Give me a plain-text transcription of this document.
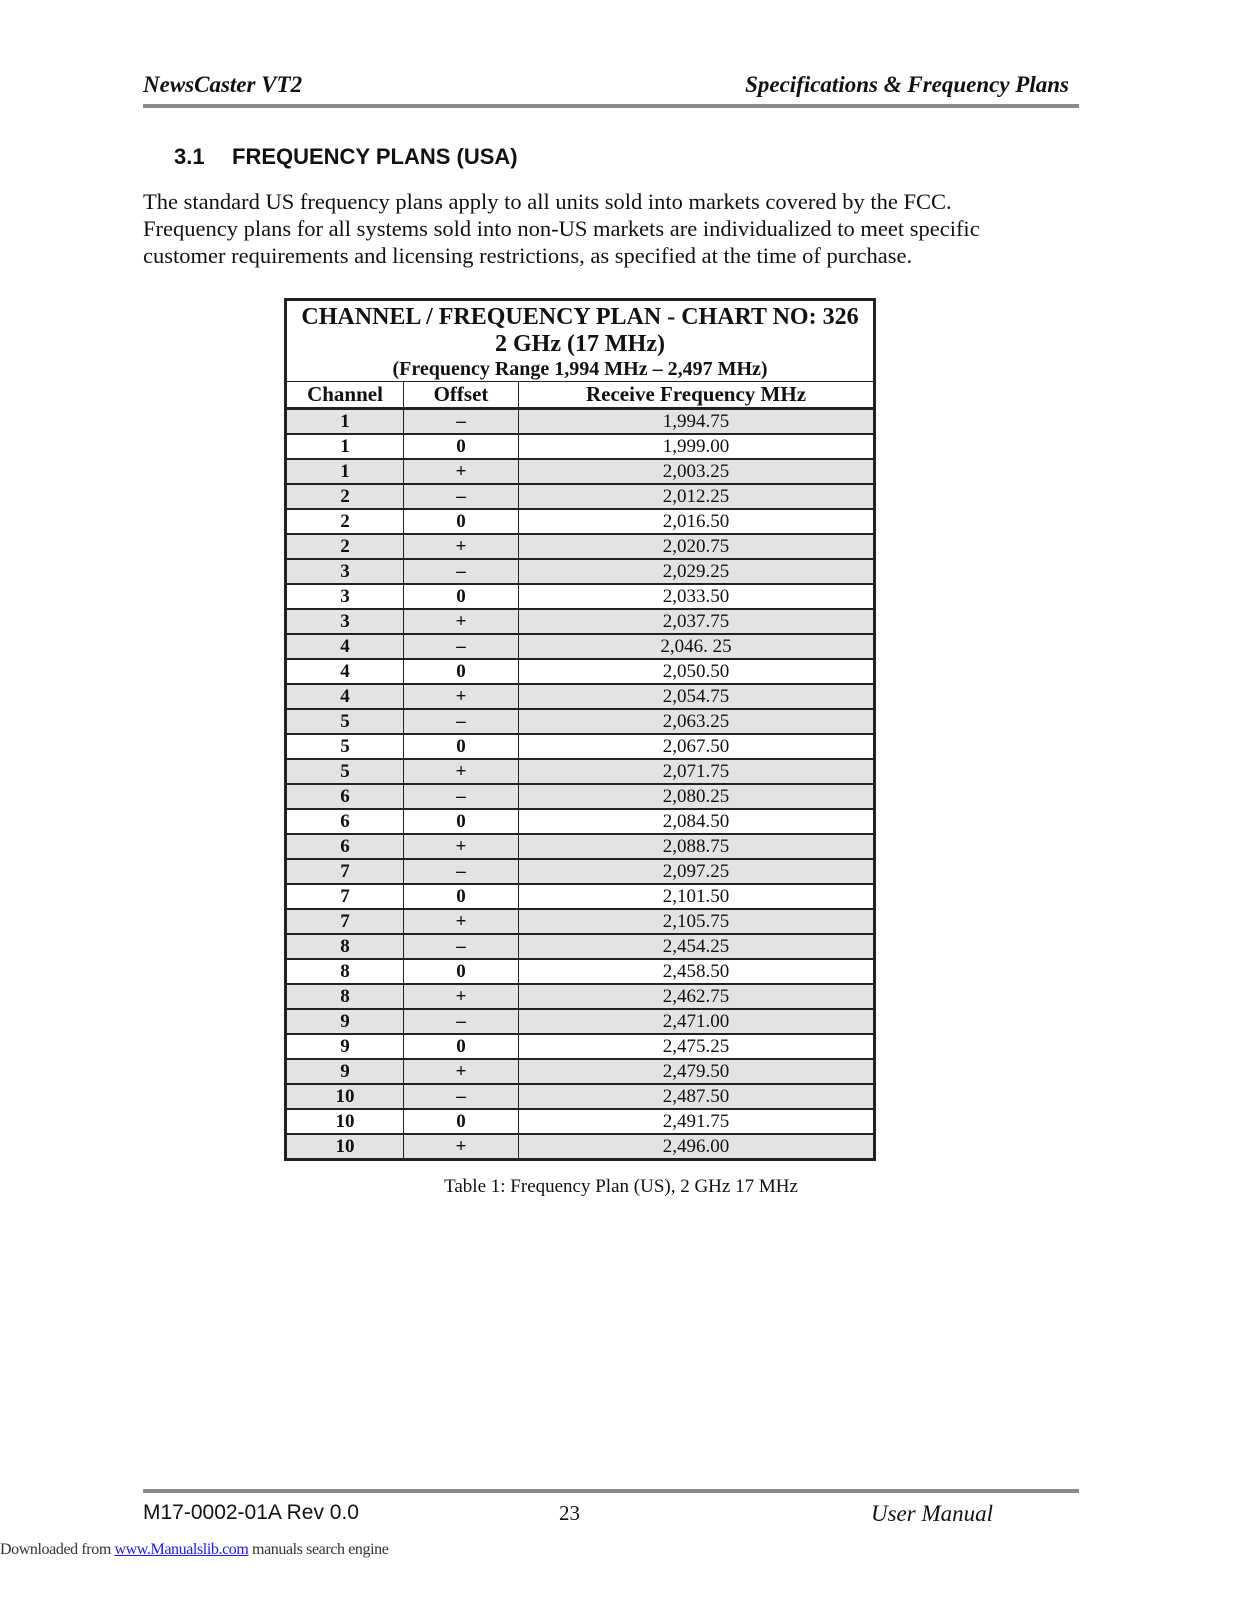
NewsCaster VT2	Specifications & Frequency Plans
3.1 FREQUENCY PLANS (USA)
The standard US frequency plans apply to all units sold into markets covered by the FCC.
Frequency plans for all systems sold into non-US markets are individualized to meet specific
customer requirements and licensing restrictions, as specified at the time of purchase.
CHANNEL / FREQUENCY PLAN - CHART NO: 326
2 GHz (17 MHz)
(Frequency Range 1,994 MHz – 2,497 MHz)		

Channel	Offset	Receive Frequency MHz
1	–	1,994.75
1	0	1,999.00
1	+	2,003.25
2	–	2,012.25
2	0	2,016.50
2	+	2,020.75
3	–	2,029.25
3	0	2,033.50
3	+	2,037.75
4	–	2,046. 25
4	0	2,050.50
4	+	2,054.75
5	–	2,063.25
5	0	2,067.50
5	+	2,071.75
6	–	2,080.25
6	0	2,084.50
6	+	2,088.75
7	–	2,097.25
7	0	2,101.50
7	+	2,105.75
8	–	2,454.25
8	0	2,458.50
8	+	2,462.75
9	–	2,471.00
9	0	2,475.25
9	+	2,479.50
10	–	2,487.50
10	0	2,491.75
10	+	2,496.00
Table 1: Frequency Plan (US), 2 GHz 17 MHz
M17-0002-01A Rev 0.0	23	User Manual
Downloaded from www.Manualslib.com manuals search engine
